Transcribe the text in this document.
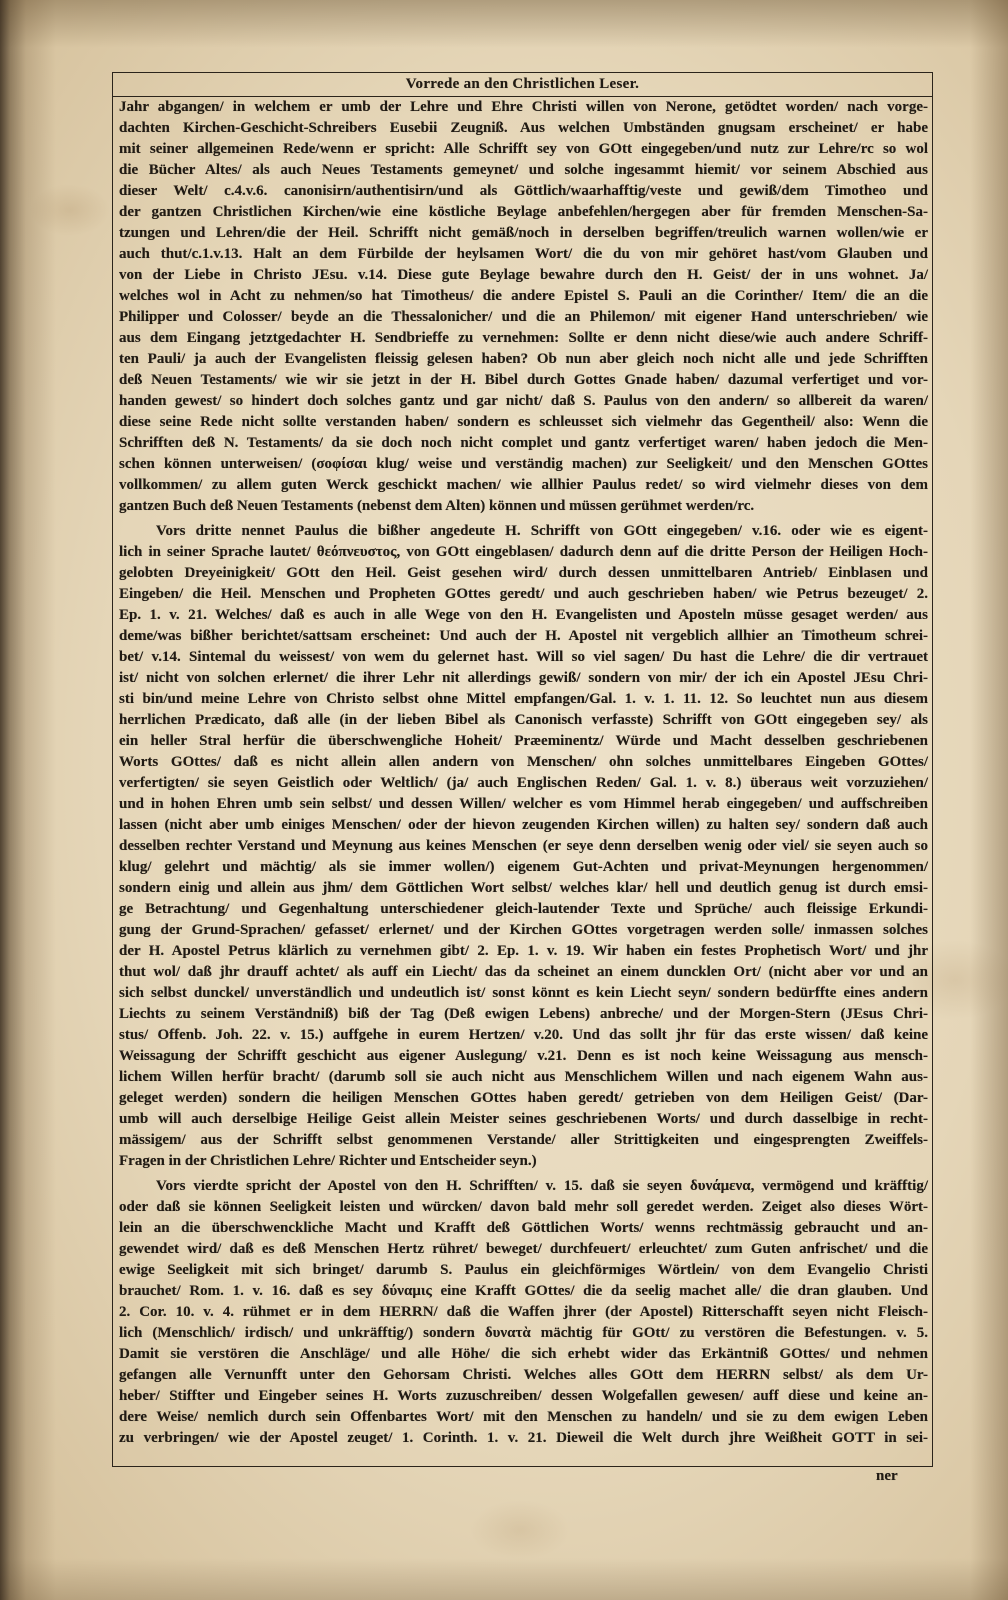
Vorrede an den Christlichen Leser.
Jahr abgangen/ in welchem er umb der Lehre und Ehre Christi willen von Nerone, getödtet worden/ nach vorge-
dachten Kirchen-Geschicht-Schreibers Eusebii Zeugniß. Aus welchen Umbständen gnugsam erscheinet/ er habe
mit seiner allgemeinen Rede/wenn er spricht: Alle Schrifft sey von GOtt eingegeben/und nutz zur Lehre/rc so wol
die Bücher Altes/ als auch Neues Testaments gemeynet/ und solche ingesammt hiemit/ vor seinem Abschied aus
dieser Welt/ c.4.v.6. canonisirn/authentisirn/und als Göttlich/waarhafftig/veste und gewiß/dem Timotheo und
der gantzen Christlichen Kirchen/wie eine köstliche Beylage anbefehlen/hergegen aber für fremden Menschen-Sa-
tzungen und Lehren/die der Heil. Schrifft nicht gemäß/noch in derselben begriffen/treulich warnen wollen/wie er
auch thut/c.1.v.13. Halt an dem Fürbilde der heylsamen Wort/ die du von mir gehöret hast/vom Glauben und
von der Liebe in Christo JEsu. v.14. Diese gute Beylage bewahre durch den H. Geist/ der in uns wohnet. Ja/
welches wol in Acht zu nehmen/so hat Timotheus/ die andere Epistel S. Pauli an die Corinther/ Item/ die an die
Philipper und Colosser/ beyde an die Thessalonicher/ und die an Philemon/ mit eigener Hand unterschrieben/ wie
aus dem Eingang jetztgedachter H. Sendbrieffe zu vernehmen: Sollte er denn nicht diese/wie auch andere Schriff-
ten Pauli/ ja auch der Evangelisten fleissig gelesen haben? Ob nun aber gleich noch nicht alle und jede Schrifften
deß Neuen Testaments/ wie wir sie jetzt in der H. Bibel durch Gottes Gnade haben/ dazumal verfertiget und vor-
handen gewest/ so hindert doch solches gantz und gar nicht/ daß S. Paulus von den andern/ so allbereit da waren/
diese seine Rede nicht sollte verstanden haben/ sondern es schleusset sich vielmehr das Gegentheil/ also: Wenn die
Schrifften deß N. Testaments/ da sie doch noch nicht complet und gantz verfertiget waren/ haben jedoch die Men-
schen können unterweisen/ (σοφίσαι klug/ weise und verständig machen) zur Seeligkeit/ und den Menschen GOttes
vollkommen/ zu allem guten Werck geschickt machen/ wie allhier Paulus redet/ so wird vielmehr dieses von dem
gantzen Buch deß Neuen Testaments (nebenst dem Alten) können und müssen gerühmet werden/rc.
Vors dritte nennet Paulus die bißher angedeute H. Schrifft von GOtt eingegeben/ v.16. oder wie es eigent-
lich in seiner Sprache lautet/ θεόπνευστος, von GOtt eingeblasen/ dadurch denn auf die dritte Person der Heiligen Hoch-
gelobten Dreyeinigkeit/ GOtt den Heil. Geist gesehen wird/ durch dessen unmittelbaren Antrieb/ Einblasen und
Eingeben/ die Heil. Menschen und Propheten GOttes geredt/ und auch geschrieben haben/ wie Petrus bezeuget/ 2.
Ep. 1. v. 21. Welches/ daß es auch in alle Wege von den H. Evangelisten und Aposteln müsse gesaget werden/ aus
deme/was bißher berichtet/sattsam erscheinet: Und auch der H. Apostel nit vergeblich allhier an Timotheum schrei-
bet/ v.14. Sintemal du weissest/ von wem du gelernet hast. Will so viel sagen/ Du hast die Lehre/ die dir vertrauet
ist/ nicht von solchen erlernet/ die ihrer Lehr nit allerdings gewiß/ sondern von mir/ der ich ein Apostel JEsu Chri-
sti bin/und meine Lehre von Christo selbst ohne Mittel empfangen/Gal. 1. v. 1. 11. 12. So leuchtet nun aus diesem
herrlichen Prædicato, daß alle (in der lieben Bibel als Canonisch verfasste) Schrifft von GOtt eingegeben sey/ als
ein heller Stral herfür die überschwengliche Hoheit/ Præeminentz/ Würde und Macht desselben geschriebenen
Worts GOttes/ daß es nicht allein allen andern von Menschen/ ohn solches unmittelbares Eingeben GOttes/
verfertigten/ sie seyen Geistlich oder Weltlich/ (ja/ auch Englischen Reden/ Gal. 1. v. 8.) überaus weit vorzuziehen/
und in hohen Ehren umb sein selbst/ und dessen Willen/ welcher es vom Himmel herab eingegeben/ und auffschreiben
lassen (nicht aber umb einiges Menschen/ oder der hievon zeugenden Kirchen willen) zu halten sey/ sondern daß auch
desselben rechter Verstand und Meynung aus keines Menschen (er seye denn derselben wenig oder viel/ sie seyen auch so
klug/ gelehrt und mächtig/ als sie immer wollen/) eigenem Gut-Achten und privat-Meynungen hergenommen/
sondern einig und allein aus jhm/ dem Göttlichen Wort selbst/ welches klar/ hell und deutlich genug ist durch emsi-
ge Betrachtung/ und Gegenhaltung unterschiedener gleich-lautender Texte und Sprüche/ auch fleissige Erkundi-
gung der Grund-Sprachen/ gefasset/ erlernet/ und der Kirchen GOttes vorgetragen werden solle/ inmassen solches
der H. Apostel Petrus klärlich zu vernehmen gibt/ 2. Ep. 1. v. 19. Wir haben ein festes Prophetisch Wort/ und jhr
thut wol/ daß jhr drauff achtet/ als auff ein Liecht/ das da scheinet an einem duncklen Ort/ (nicht aber vor und an
sich selbst dunckel/ unverständlich und undeutlich ist/ sonst könnt es kein Liecht seyn/ sondern bedürffte eines andern
Liechts zu seinem Verständniß) biß der Tag (Deß ewigen Lebens) anbreche/ und der Morgen-Stern (JEsus Chri-
stus/ Offenb. Joh. 22. v. 15.) auffgehe in eurem Hertzen/ v.20. Und das sollt jhr für das erste wissen/ daß keine
Weissagung der Schrifft geschicht aus eigener Auslegung/ v.21. Denn es ist noch keine Weissagung aus mensch-
lichem Willen herfür bracht/ (darumb soll sie auch nicht aus Menschlichem Willen und nach eigenem Wahn aus-
geleget werden) sondern die heiligen Menschen GOttes haben geredt/ getrieben von dem Heiligen Geist/ (Dar-
umb will auch derselbige Heilige Geist allein Meister seines geschriebenen Worts/ und durch dasselbige in recht-
mässigem/ aus der Schrifft selbst genommenen Verstande/ aller Strittigkeiten und eingesprengten Zweiffels-
Fragen in der Christlichen Lehre/ Richter und Entscheider seyn.)
Vors vierdte spricht der Apostel von den H. Schrifften/ v. 15. daß sie seyen δυνάμενα, vermögend und kräfftig/
oder daß sie können Seeligkeit leisten und würcken/ davon bald mehr soll geredet werden. Zeiget also dieses Wört-
lein an die überschwenckliche Macht und Krafft deß Göttlichen Worts/ wenns rechtmässig gebraucht und an-
gewendet wird/ daß es deß Menschen Hertz rühret/ beweget/ durchfeuert/ erleuchtet/ zum Guten anfrischet/ und die
ewige Seeligkeit mit sich bringet/ darumb S. Paulus ein gleichförmiges Wörtlein/ von dem Evangelio Christi
brauchet/ Rom. 1. v. 16. daß es sey δύναμις eine Krafft GOttes/ die da seelig machet alle/ die dran glauben. Und
2. Cor. 10. v. 4. rühmet er in dem HERRN/ daß die Waffen jhrer (der Apostel) Ritterschafft seyen nicht Fleisch-
lich (Menschlich/ irdisch/ und unkräfftig/) sondern δυνατὰ mächtig für GOtt/ zu verstören die Befestungen. v. 5.
Damit sie verstören die Anschläge/ und alle Höhe/ die sich erhebt wider das Erkäntniß GOttes/ und nehmen
gefangen alle Vernunfft unter den Gehorsam Christi. Welches alles GOtt dem HERRN selbst/ als dem Ur-
heber/ Stiffter und Eingeber seines H. Worts zuzuschreiben/ dessen Wolgefallen gewesen/ auff diese und keine an-
dere Weise/ nemlich durch sein Offenbartes Wort/ mit den Menschen zu handeln/ und sie zu dem ewigen Leben
zu verbringen/ wie der Apostel zeuget/ 1. Corinth. 1. v. 21. Dieweil die Welt durch jhre Weißheit GOTT in sei-
ner
